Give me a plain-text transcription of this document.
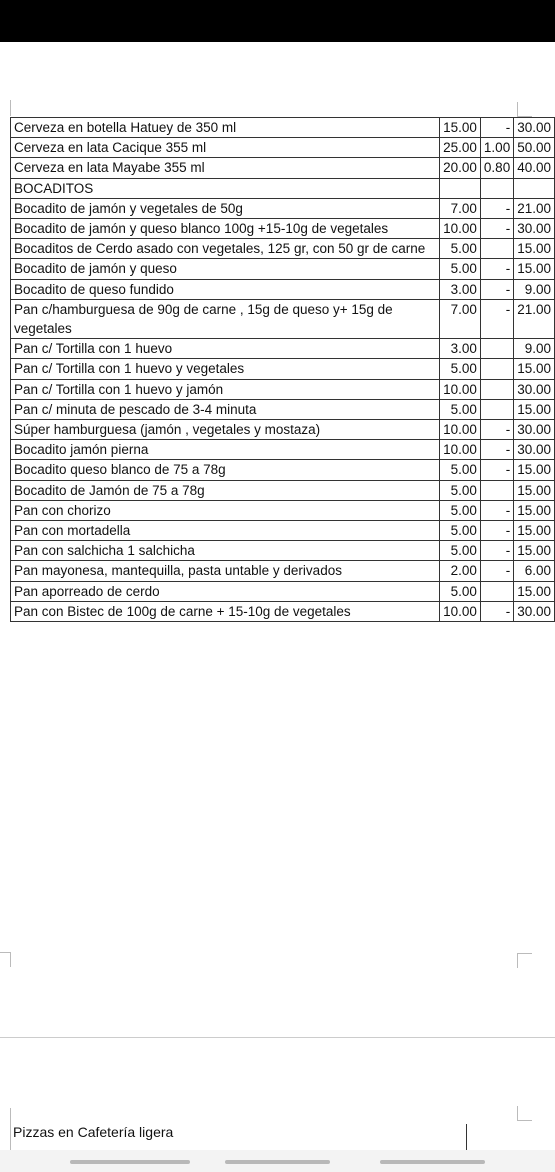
Cerveza en botella Hatuey de 350 ml	15.00	-	30.00
Cerveza en lata Cacique 355 ml	25.00	1.00	50.00
Cerveza en lata Mayabe 355 ml	20.00	0.80	40.00
BOCADITOS			
Bocadito de jamón y vegetales de 50g	7.00	-	21.00
Bocadito de jamón y queso blanco 100g +15-10g de vegetales	10.00	-	30.00
Bocaditos de Cerdo asado con vegetales, 125 gr, con 50 gr de carne	5.00		15.00
Bocadito de jamón y queso	5.00	-	15.00
Bocadito de queso fundido	3.00	-	9.00
Pan c/hamburguesa de 90g de carne , 15g de queso y+ 15g de vegetales	7.00	-	21.00
Pan c/ Tortilla con 1 huevo	3.00		9.00
Pan c/ Tortilla con 1 huevo y vegetales	5.00		15.00
Pan c/ Tortilla con 1 huevo y jamón	10.00		30.00
Pan c/ minuta de pescado de 3-4 minuta	5.00		15.00
Súper hamburguesa (jamón , vegetales y mostaza)	10.00	-	30.00
Bocadito jamón pierna	10.00	-	30.00
Bocadito queso blanco de 75 a 78g	5.00	-	15.00
Bocadito de Jamón de 75 a 78g	5.00		15.00
Pan con chorizo	5.00	-	15.00
Pan con mortadella	5.00	-	15.00
Pan con salchicha 1 salchicha	5.00	-	15.00
Pan mayonesa, mantequilla, pasta untable y derivados	2.00	-	6.00
Pan aporreado de cerdo	5.00		15.00
Pan con Bistec de 100g de carne + 15-10g de vegetales	10.00	-	30.00
Pizzas en Cafetería ligera
